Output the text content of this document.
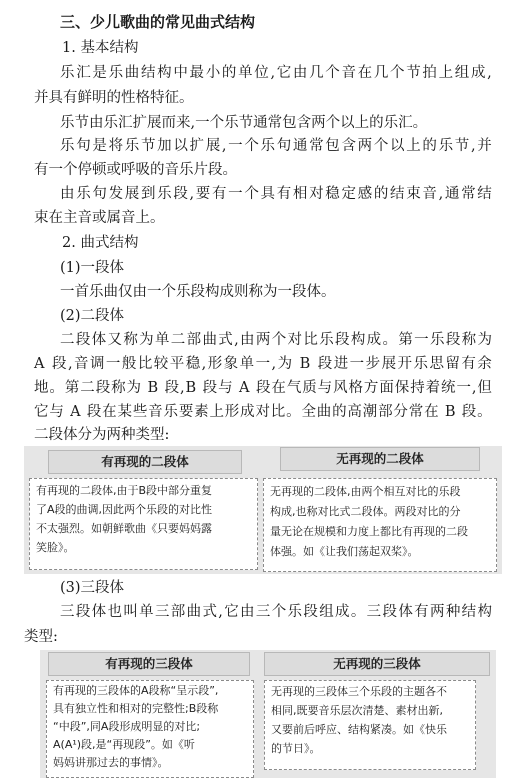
三、少儿歌曲的常见曲式结构
1. 基本结构
乐 汇 是 乐 曲 结 构 中 最 小 的 单 位 , 它 由 几 个 音 在 几 个 节 拍 上 组 成 ,
并具有鲜明的性格特征。
乐节由乐汇扩展而来,一个乐节通常包含两个以上的乐汇。
乐 句 是 将 乐 节 加 以 扩 展 , 一 个 乐 句 通 常 包 含 两 个 以 上 的 乐 节 , 并
有一个停顿或呼吸的音乐片段。
由 乐 句 发 展 到 乐 段 , 要 有 一 个 具 有 相 对 稳 定 感 的 结 束 音 , 通 常 结
束在主音或属音上。
2. 曲式结构
(1)一段体
一首乐曲仅由一个乐段构成则称为一段体。
(2)二段体
二 段 体 又 称 为 单 二 部 曲 式 , 由 两 个 对 比 乐 段 构 成 。 第 一 乐 段 称 为
A
段 , 音 调 一 般 比 较 平 稳 , 形 象 单 一 , 为
B
段 进 一 步 展 开 乐 思 留 有 余
地 。 第 二 段 称 为
B
段 , B
段 与
A
段 在 气 质 与 风 格 方 面 保 持 着 统 一 , 但
它 与
A
段 在 某 些 音 乐 要 素 上 形 成 对 比 。 全 曲 的 高 潮 部 分 常 在
B
段 。
二段体分为两种类型:
有再现的二段体
有再现的二段体,由于B段中部分重复
了A段的曲调,因此两个乐段的对比性
不太强烈。如朝鲜歌曲《只要妈妈露
笑脸》。
无再现的二段体
无再现的二段体,由两个相互对比的乐段
构成,也称对比式二段体。两段对比的分
量无论在规模和力度上都比有再现的二段
体强。如《让我们荡起双桨》。
(3)三段体
三 段 体 也 叫 单 三 部 曲 式 , 它 由 三 个 乐 段 组 成 。 三 段 体 有 两 种 结 构
类型:
有再现的三段体
有再现的三段体的A段称“呈示段”,
具有独立性和相对的完整性;B段称
“中段”,同A段形成明显的对比;
A(A¹)段,是“再现段”。如《听
妈妈讲那过去的事情》。
无再现的三段体
无再现的三段体三个乐段的主题各不
相同,既要音乐层次清楚、素材出新,
又要前后呼应、结构紧凑。如《快乐
的节日》。
